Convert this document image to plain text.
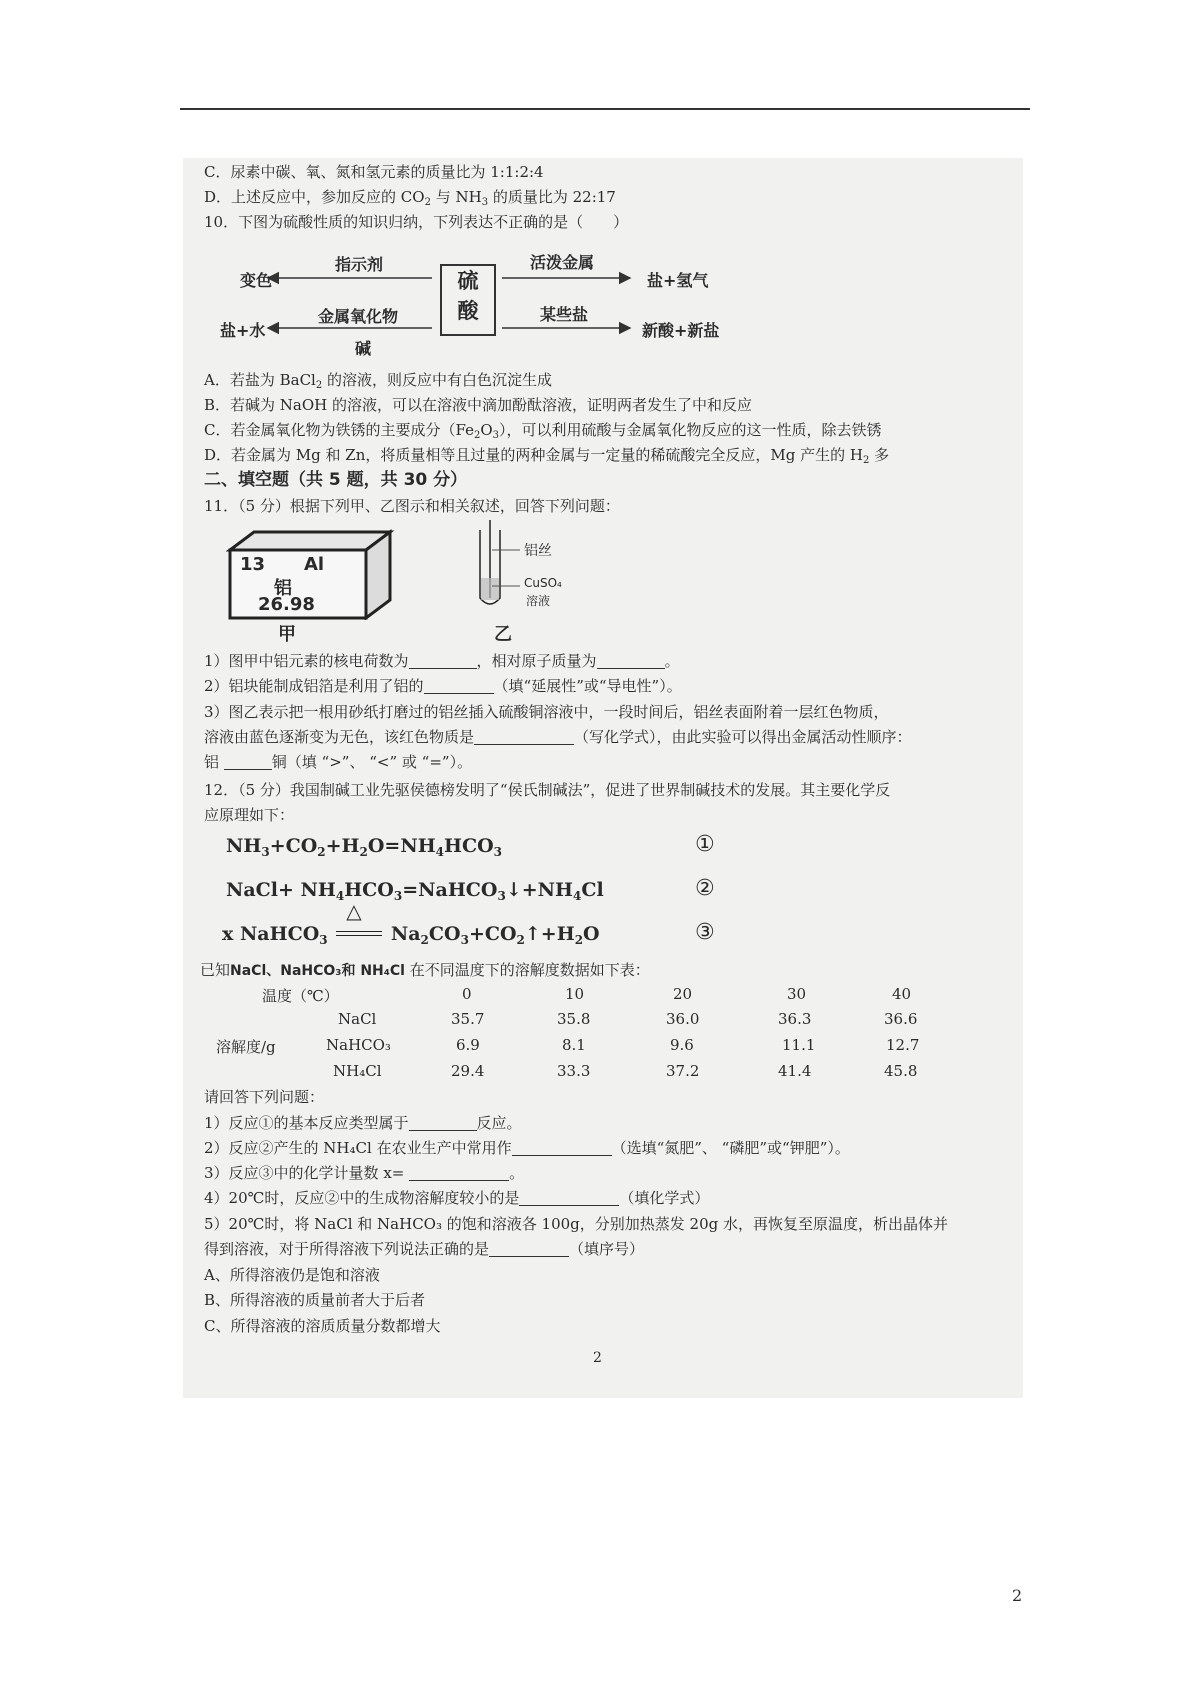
C．尿素中碳、氧、氮和氢元素的质量比为 1:1:2:4
D．上述反应中，参加反应的 $CO_2$ 与 $NH_3$ 的质量比为 22:17
10．下图为硫酸性质的知识归纳，下列表达不正确的是（　　）
硫
酸
变色
指示剂
盐+水
金属氧化物
碱
活泼金属
盐+氢气
某些盐
新酸+新盐
A．若盐为 BaCl$_2$ 的溶液，则反应中有白色沉淀生成
B．若碱为 NaOH 的溶液，可以在溶液中滴加酚酞溶液，证明两者发生了中和反应
C．若金属氧化物为铁锈的主要成分$(Fe_2O_3)$，可以利用硫酸与金属氧化物反应的这一性质，除去铁锈
D．若金属为 Mg 和 Zn，将质量相等且过量的两种金属与一定量的稀硫酸完全反应，Mg 产生的 $H_2$ 多
二、填空题（共 5 题，共 30 分）
11．（5 分）根据下列甲、乙图示和相关叙述，回答下列问题：
13 Al
铝
26.98
甲
铝丝
CuSO₄
溶液
乙
1）图甲中铝元素的核电荷数为	，相对原子质量为	。
2）铝块能制成铝箔是利用了铝的	（填“延展性”或“导电性”）。
3）图乙表示把一根用砂纸打磨过的铝丝插入硫酸铜溶液中，一段时间后，铝丝表面附着一层红色物质，
溶液由蓝色逐渐变为无色，该红色物质是	（写化学式），由此实验可以得出金属活动性顺序：
铝	铜（填 “>”、 “<” 或 “=”）。
12．（5 分）我国制碱工业先驱侯德榜发明了“侯氏制碱法”，促进了世界制碱技术的发展。其主要化学反
应原理如下：
$NH_3+CO_2+H_2O=NH_4HCO_3$	①
NaCl+ $NH_4HCO_3=NaHCO_3↓+NH_4Cl$	②
x NaHCO$_3$
△
$Na_2CO_3+CO_2↑+H_2O$	③
已知NaCl、NaHCO₃和 NH₄Cl 在不同温度下的溶解度数据如下表：
温度（℃）	0	10	20	30	40
溶解度/g
NaCl	35.7	35.8	36.0	36.3	36.6
NaHCO₃	6.9	8.1	9.6	11.1	12.7
NH₄Cl	29.4	33.3	37.2	41.4	45.8
请回答下列问题：
1）反应①的基本反应类型属于	反应。
2）反应②产生的 NH₄Cl 在农业生产中常用作	（选填“氮肥”、 “磷肥”或“钾肥”）。
3）反应③中的化学计量数 x=	。
4）20℃时，反应②中的生成物溶解度较小的是	（填化学式）
5）20℃时，将 NaCl 和 NaHCO₃ 的饱和溶液各 100g，分别加热蒸发 20g 水，再恢复至原温度，析出晶体并
得到溶液，对于所得溶液下列说法正确的是	（填序号）
A、所得溶液仍是饱和溶液
B、所得溶液的质量前者大于后者
C、所得溶液的溶质质量分数都增大
2
2
